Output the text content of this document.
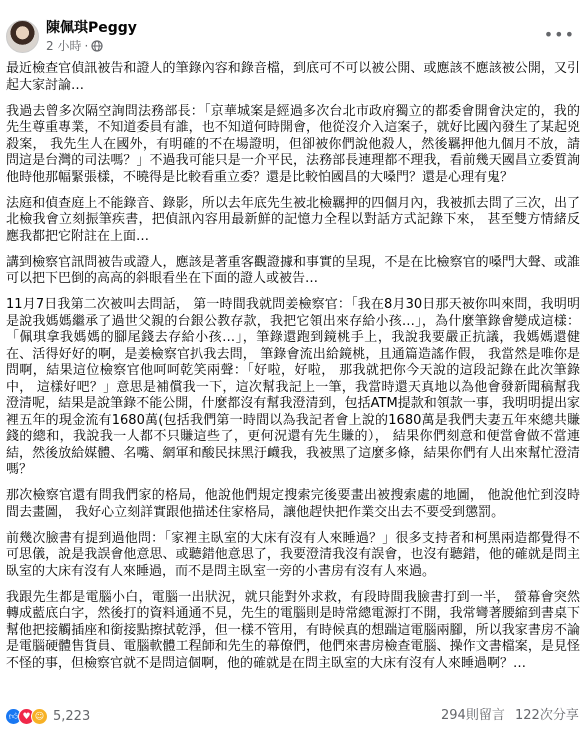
陳佩琪Peggy
2 小時 ·
•••

最近檢查官偵訊被告和證人的筆錄內容和錄音檔，到底可不可以被公開、或應該不應該被公開，又引起大家討論…

我過去曾多次隔空詢問法務部長：「京華城案是經過多次台北市政府獨立的都委會開會決定的，我的先生尊重專業，不知道委員有誰，也不知道何時開會，他從沒介入這案子，就好比國內發生了某起兇殺案， 我先生人在國外，有明確的不在場證明，但卻被你們說他殺人，然後羈押他九個月不放，請問這是台灣的司法嗎？」不過我可能只是一介平民，法務部長連理都不理我，看前幾天國昌立委質詢他時他那幅緊張樣，不曉得是比較看重立委？還是比較怕國昌的大嗓門？還是心理有鬼？

法庭和偵查庭上不能錄音、錄影，所以去年底先生被北檢羈押的四個月內，我被抓去問了三次，出了北檢我會立刻振筆疾書，把偵訊內容用最新鮮的記憶力全程以對話方式記錄下來， 甚至雙方情緒反應我都把它附註在上面…

講到檢察官訊問被告或證人，應該是著重客觀證據和事實的呈現，不是在比檢察官的嗓門大聲、或誰可以把下巴倒的高高的斜眼看坐在下面的證人或被告…

11月7日我第二次被叫去問話， 第一時間我就問姜檢察官：「我在8月30日那天被你叫來問，我明明是說我媽媽繼承了過世父親的台銀公教存款，我把它領出來存給小孩…」，為什麼筆錄會變成這樣：「佩琪拿我媽媽的腳尾錢去存給小孩…」，筆錄還跑到鏡桃手上，我說我要嚴正抗議，我媽媽還健在、活得好好的啊，是姜檢察官扒我去問， 筆錄會流出給鏡桃，且通篇造謠作假， 我當然是唯你是問啊，結果這位檢察官他呵呵乾笑兩聲：「好啦，好啦， 那我就把你今天說的這段記錄在此次筆錄中， 這樣好吧？」意思是補償我一下，這次幫我記上一筆，我當時還天真地以為他會發新聞稿幫我澄清呢，結果是說筆錄不能公開，什麼都沒有幫我澄清到，包括ATM提款和領款一事，我明明提出家裡五年的現金流有1680萬(包括我們第一時間以為我記者會上說的1680萬是我們夫妻五年來總共賺錢的總和，我說我一人都不只賺這些了，更何況還有先生賺的）， 結果你們刻意和便當會做不當連結，然後放給媒體、名嘴、網軍和酸民抹黑汙衊我，我被黑了這麼多條，結果你們有人出來幫忙澄清嗎？

那次檢察官還有問我們家的格局，他說他們規定搜索完後要畫出被搜索處的地圖， 他說他忙到沒時間去畫圖， 我好心立刻詳實跟他描述住家格局，讓他趕快把作業交出去不要受到懲罰。

前幾次臉書有提到過他問：「家裡主臥室的大床有沒有人來睡過？」很多支持者和柯黑兩造都覺得不可思儀，說是我誤會他意思、或聽錯他意思了，我要澄清我沒有誤會，也沒有聽錯，他的確就是問主臥室的大床有沒有人來睡過，而不是問主臥室一旁的小書房有沒有人來過。

我跟先生都是電腦小白，電腦一出狀況，就只能對外求救，有段時間我臉書打到一半， 螢幕會突然轉成藍底白字，然後打的資料通通不見，先生的電腦則是時常總電源打不開，我常彎著腰縮到書桌下幫他把接觸插座和銜接點擦拭乾淨，但一樣不管用，有時候真的想踹這電腦兩腳，所以我家書房不論是電腦硬體售貨員、電腦軟體工程師和先生的幕僚們，他們來書房檢查電腦、操作文書檔案，是見怪不怪的事，但檢察官就不是問這個啊，他的確就是在問主臥室的大床有沒有人來睡過啊？…

👍︎ ♥ ☺ 5,223	294則留言 122次分享
